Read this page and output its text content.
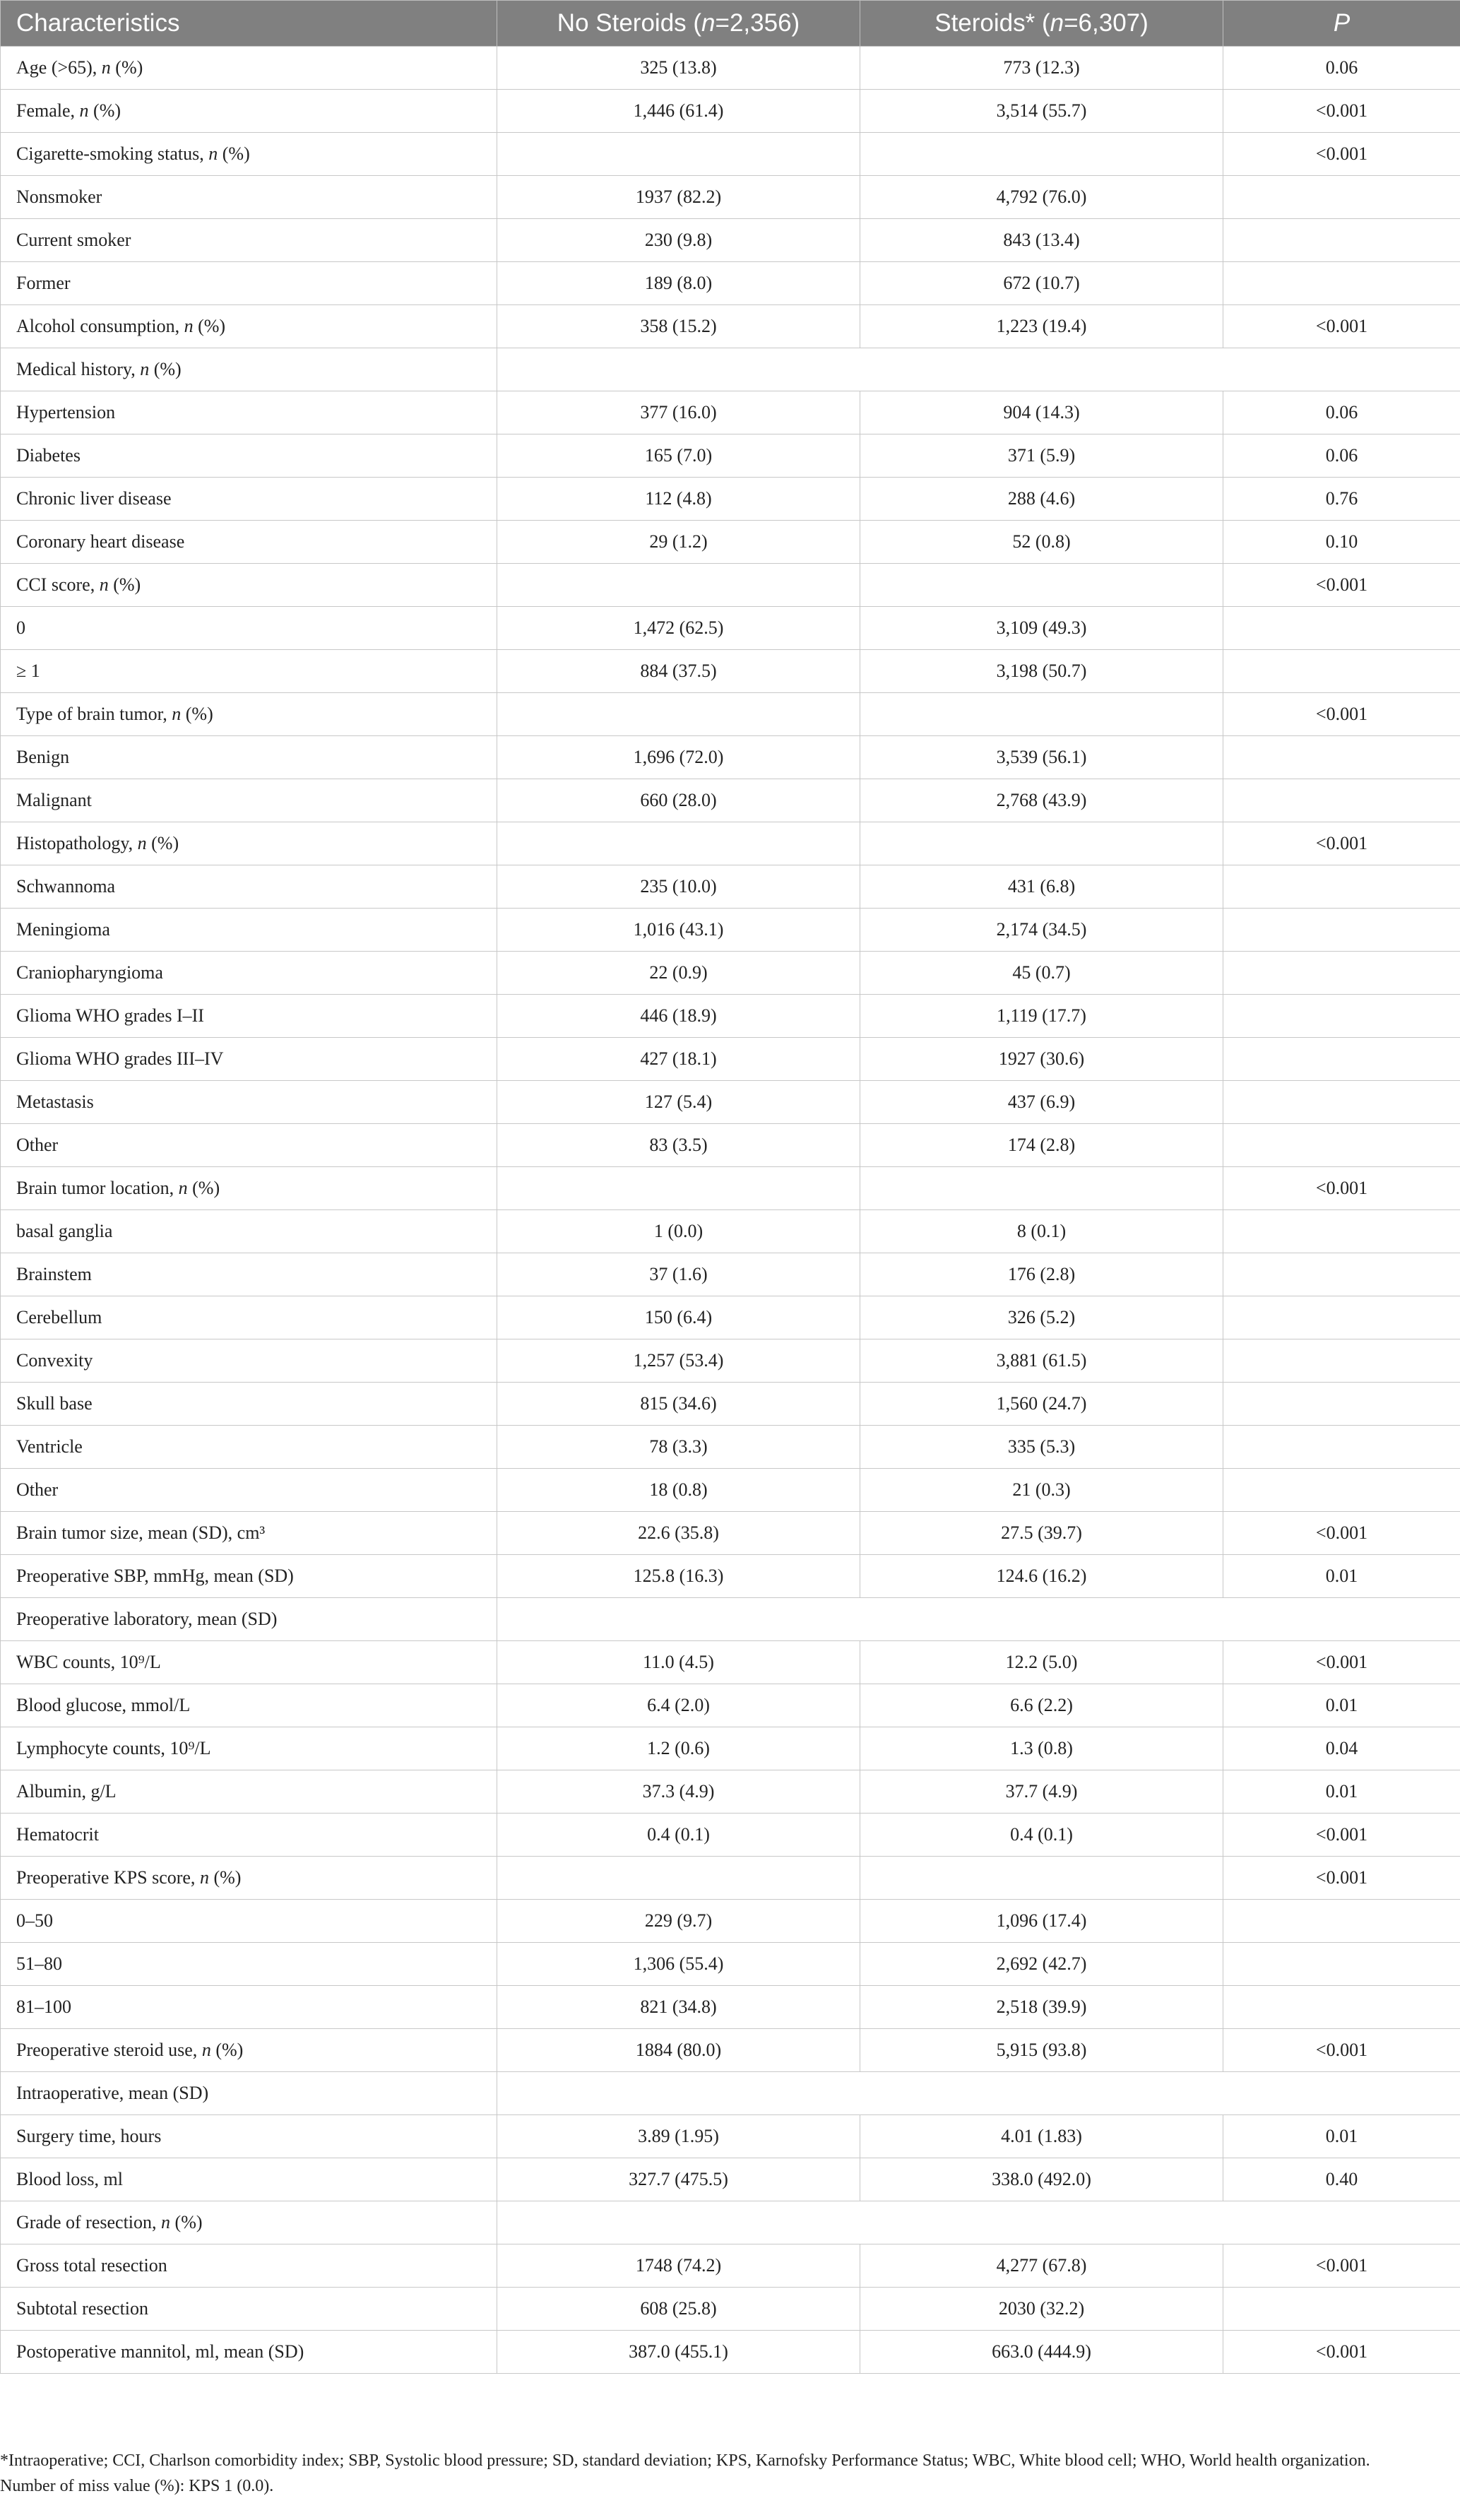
Characteristics	No Steroids (n=2,356)	Steroids* (n=6,307)	P
Age (>65), n (%)	325 (13.8)	773 (12.3)	0.06
Female, n (%)	1,446 (61.4)	3,514 (55.7)	<0.001
Cigarette-smoking status, n (%)			<0.001
Nonsmoker	1937 (82.2)	4,792 (76.0)	
Current smoker	230 (9.8)	843 (13.4)	
Former	189 (8.0)	672 (10.7)	
Alcohol consumption, n (%)	358 (15.2)	1,223 (19.4)	<0.001
Medical history, n (%)			
Hypertension	377 (16.0)	904 (14.3)	0.06
Diabetes	165 (7.0)	371 (5.9)	0.06
Chronic liver disease	112 (4.8)	288 (4.6)	0.76
Coronary heart disease	29 (1.2)	52 (0.8)	0.10
CCI score, n (%)			<0.001
0	1,472 (62.5)	3,109 (49.3)	
≥ 1	884 (37.5)	3,198 (50.7)	
Type of brain tumor, n (%)			<0.001
Benign	1,696 (72.0)	3,539 (56.1)	
Malignant	660 (28.0)	2,768 (43.9)	
Histopathology, n (%)			<0.001
Schwannoma	235 (10.0)	431 (6.8)	
Meningioma	1,016 (43.1)	2,174 (34.5)	
Craniopharyngioma	22 (0.9)	45 (0.7)	
Glioma WHO grades I–II	446 (18.9)	1,119 (17.7)	
Glioma WHO grades III–IV	427 (18.1)	1927 (30.6)	
Metastasis	127 (5.4)	437 (6.9)	
Other	83 (3.5)	174 (2.8)	
Brain tumor location, n (%)			<0.001
basal ganglia	1 (0.0)	8 (0.1)	
Brainstem	37 (1.6)	176 (2.8)	
Cerebellum	150 (6.4)	326 (5.2)	
Convexity	1,257 (53.4)	3,881 (61.5)	
Skull base	815 (34.6)	1,560 (24.7)	
Ventricle	78 (3.3)	335 (5.3)	
Other	18 (0.8)	21 (0.3)	
Brain tumor size, mean (SD), cm³	22.6 (35.8)	27.5 (39.7)	<0.001
Preoperative SBP, mmHg, mean (SD)	125.8 (16.3)	124.6 (16.2)	0.01
Preoperative laboratory, mean (SD)			
WBC counts, 10⁹/L	11.0 (4.5)	12.2 (5.0)	<0.001
Blood glucose, mmol/L	6.4 (2.0)	6.6 (2.2)	0.01
Lymphocyte counts, 10⁹/L	1.2 (0.6)	1.3 (0.8)	0.04
Albumin, g/L	37.3 (4.9)	37.7 (4.9)	0.01
Hematocrit	0.4 (0.1)	0.4 (0.1)	<0.001
Preoperative KPS score, n (%)			<0.001
0–50	229 (9.7)	1,096 (17.4)	
51–80	1,306 (55.4)	2,692 (42.7)	
81–100	821 (34.8)	2,518 (39.9)	
Preoperative steroid use, n (%)	1884 (80.0)	5,915 (93.8)	<0.001
Intraoperative, mean (SD)			
Surgery time, hours	3.89 (1.95)	4.01 (1.83)	0.01
Blood loss, ml	327.7 (475.5)	338.0 (492.0)	0.40
Grade of resection, n (%)			
Gross total resection	1748 (74.2)	4,277 (67.8)	<0.001
Subtotal resection	608 (25.8)	2030 (32.2)	
Postoperative mannitol, ml, mean (SD)	387.0 (455.1)	663.0 (444.9)	<0.001

*Intraoperative; CCI, Charlson comorbidity index; SBP, Systolic blood pressure; SD, standard deviation; KPS, Karnofsky Performance Status; WBC, White blood cell; WHO, World health organization.

Number of miss value (%): KPS 1 (0.0).
